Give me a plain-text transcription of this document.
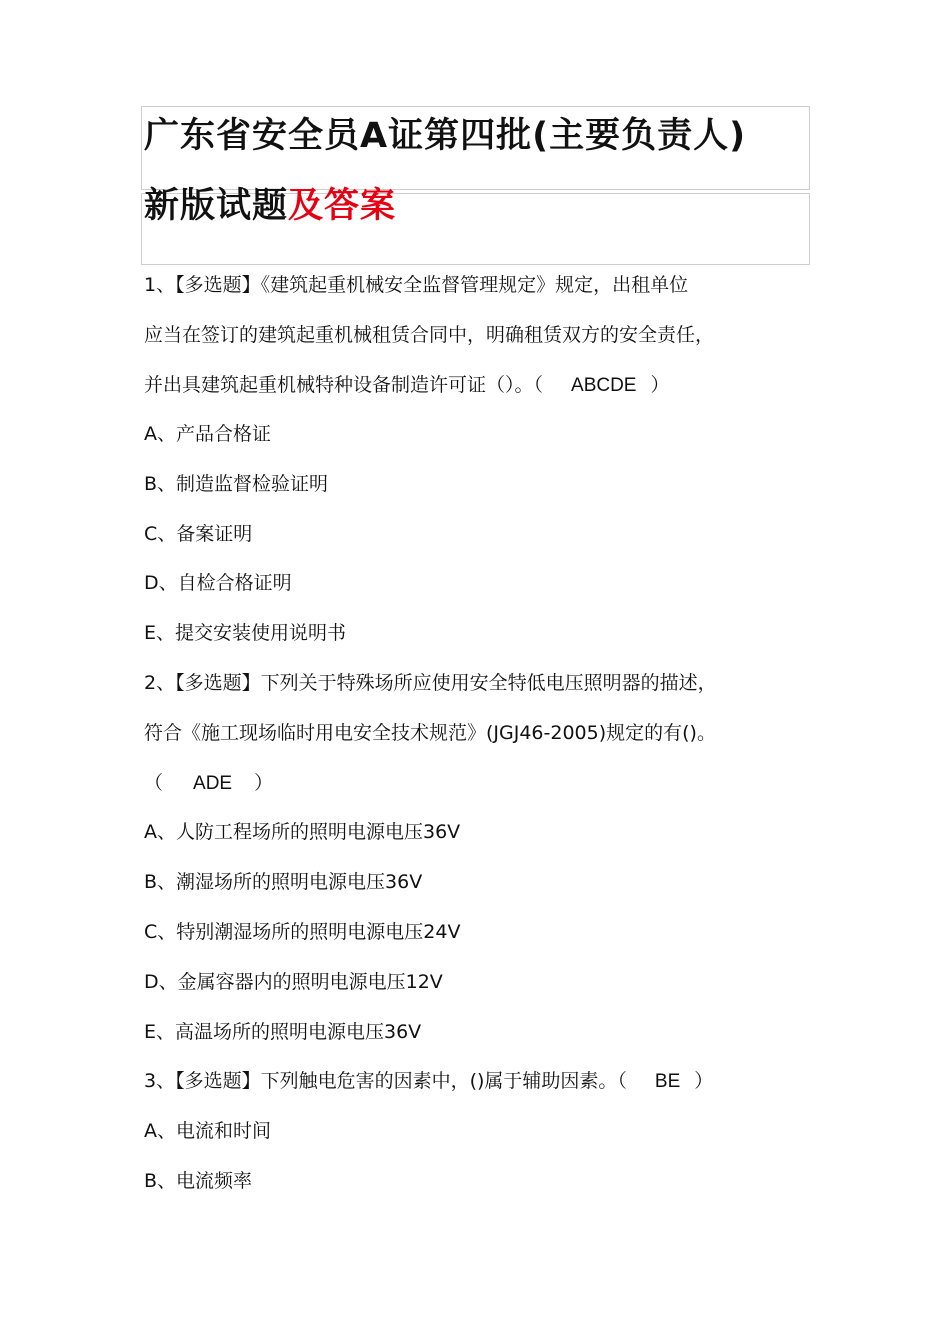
广东省安全员A证第四批(主要负责人)
新版试题及答案
1、【多选题】《建筑起重机械安全监督管理规定》规定，出租单位
应当在签订的建筑起重机械租赁合同中，明确租赁双方的安全责任，
并出具建筑起重机械特种设备制造许可证（）。（ ABCDE ）
A、产品合格证
B、制造监督检验证明
C、备案证明
D、自检合格证明
E、提交安装使用说明书
2、【多选题】下列关于特殊场所应使用安全特低电压照明器的描述，
符合《施工现场临时用电安全技术规范》(JGJ46-2005)规定的有()。
（ ADE ）
A、人防工程场所的照明电源电压36V
B、潮湿场所的照明电源电压36V
C、特别潮湿场所的照明电源电压24V
D、金属容器内的照明电源电压12V
E、高温场所的照明电源电压36V
3、【多选题】下列触电危害的因素中，()属于辅助因素。（ BE ）
A、电流和时间
B、电流频率
